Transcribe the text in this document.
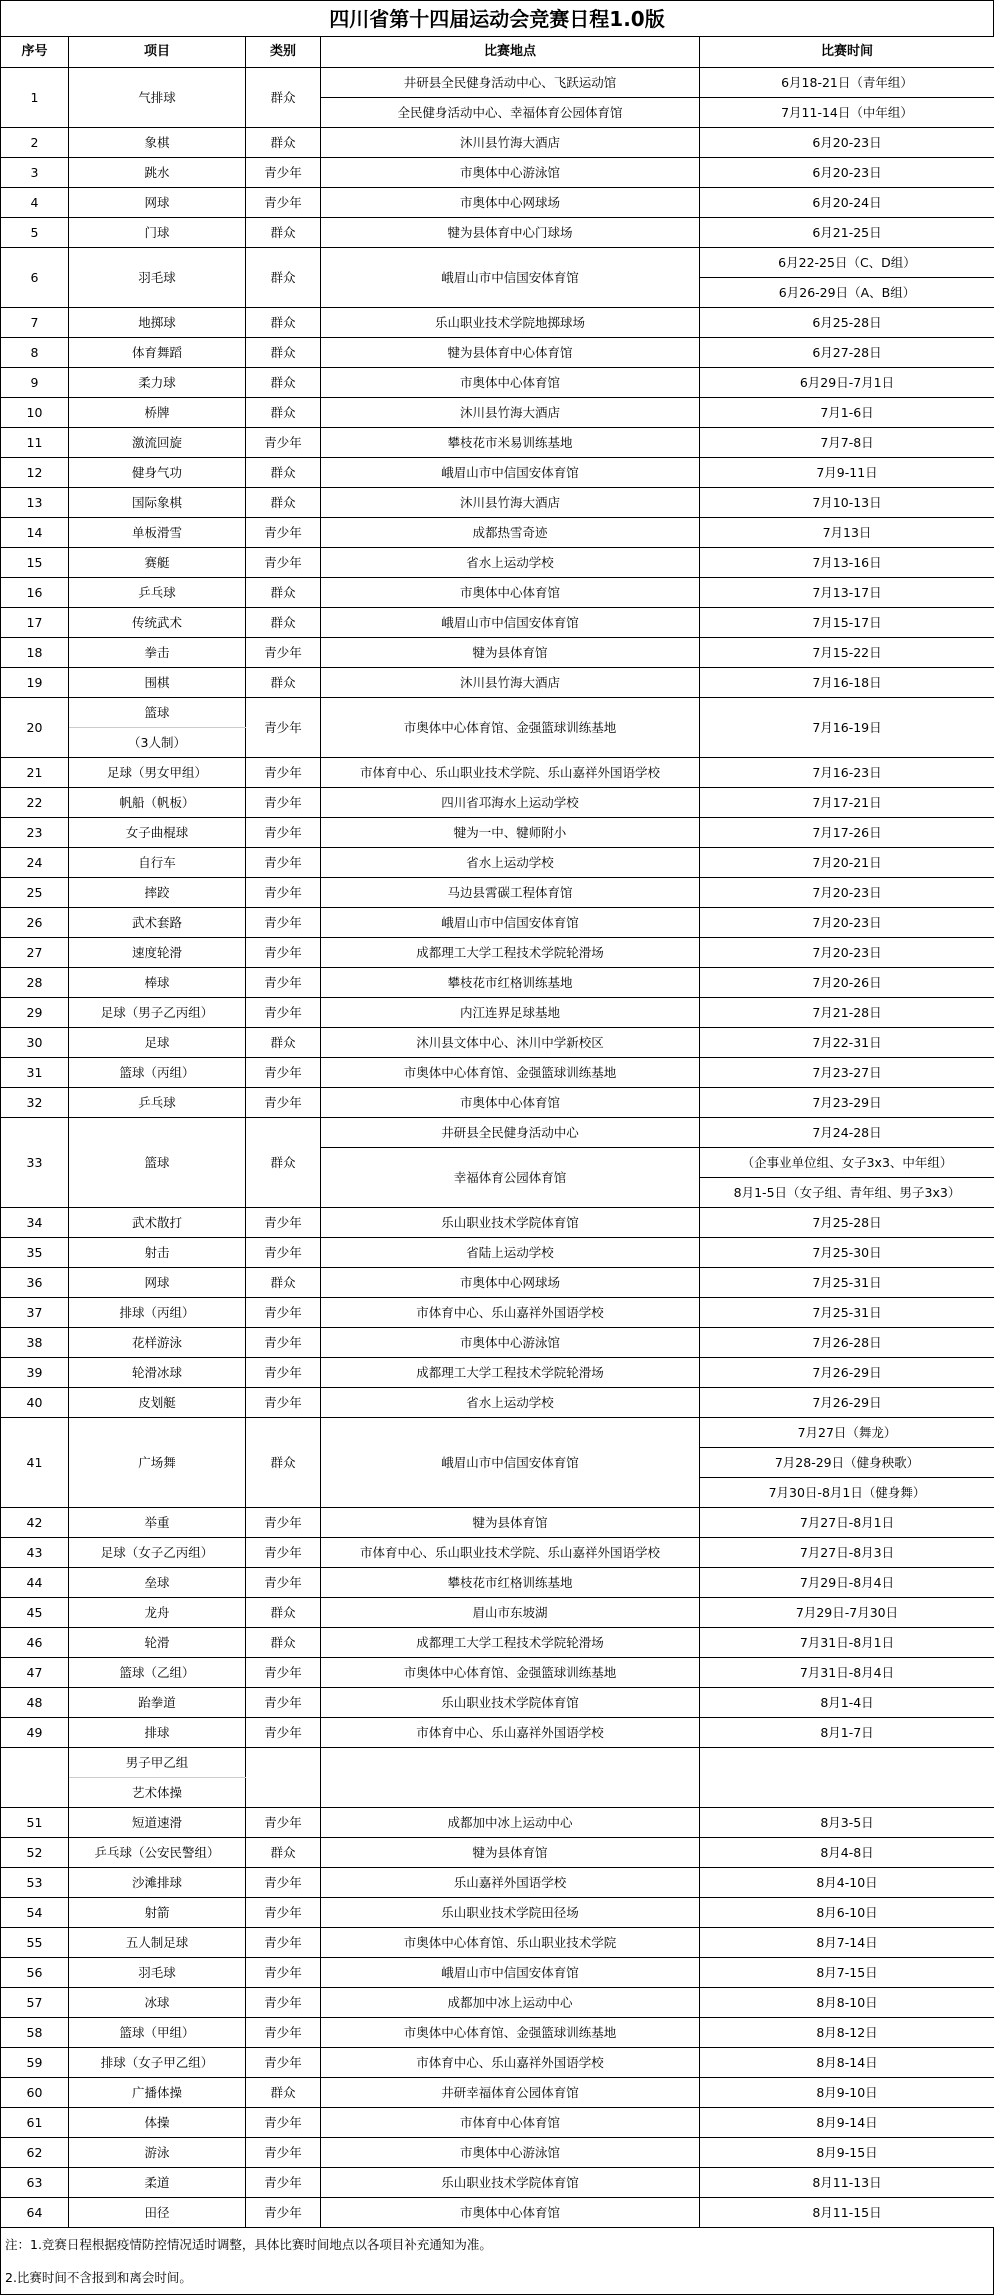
四川省第十四届运动会竞赛日程1.0版
序号	项目	类别	比赛地点	比赛时间
1	气排球	群众	井研县全民健身活动中心、飞跃运动馆	6月18-21日（青年组）
			全民健身活动中心、幸福体育公园体育馆	7月11-14日（中年组）
2	象棋	群众	沐川县竹海大酒店	6月20-23日
3	跳水	青少年	市奥体中心游泳馆	6月20-23日
4	网球	青少年	市奥体中心网球场	6月20-24日
5	门球	群众	犍为县体育中心门球场	6月21-25日
6	羽毛球	群众	峨眉山市中信国安体育馆	6月22-25日（C、D组）
				6月26-29日（A、B组）
7	地掷球	群众	乐山职业技术学院地掷球场	6月25-28日
8	体育舞蹈	群众	犍为县体育中心体育馆	6月27-28日
9	柔力球	群众	市奥体中心体育馆	6月29日-7月1日
10	桥牌	群众	沐川县竹海大酒店	7月1-6日
11	激流回旋	青少年	攀枝花市米易训练基地	7月7-8日
12	健身气功	群众	峨眉山市中信国安体育馆	7月9-11日
13	国际象棋	群众	沐川县竹海大酒店	7月10-13日
14	单板滑雪	青少年	成都热雪奇迹	7月13日
15	赛艇	青少年	省水上运动学校	7月13-16日
16	乒乓球	群众	市奥体中心体育馆	7月13-17日
17	传统武术	群众	峨眉山市中信国安体育馆	7月15-17日
18	拳击	青少年	犍为县体育馆	7月15-22日
19	围棋	群众	沐川县竹海大酒店	7月16-18日
20	篮球	青少年	市奥体中心体育馆、金强篮球训练基地	7月16-19日
	（3人制）			
21	足球（男女甲组）	青少年	市体育中心、乐山职业技术学院、乐山嘉祥外国语学校	7月16-23日
22	帆船（帆板）	青少年	四川省邛海水上运动学校	7月17-21日
23	女子曲棍球	青少年	犍为一中、犍师附小	7月17-26日
24	自行车	青少年	省水上运动学校	7月20-21日
25	摔跤	青少年	马边县霄碳工程体育馆	7月20-23日
26	武术套路	青少年	峨眉山市中信国安体育馆	7月20-23日
27	速度轮滑	青少年	成都理工大学工程技术学院轮滑场	7月20-23日
28	棒球	青少年	攀枝花市红格训练基地	7月20-26日
29	足球（男子乙丙组）	青少年	内江连界足球基地	7月21-28日
30	足球	群众	沐川县文体中心、沐川中学新校区	7月22-31日
31	篮球（丙组）	青少年	市奥体中心体育馆、金强篮球训练基地	7月23-27日
32	乒乓球	青少年	市奥体中心体育馆	7月23-29日
33	篮球	群众	井研县全民健身活动中心	7月24-28日
			幸福体育公园体育馆	（企事业单位组、女子3x3、中年组）
				8月1-5日（女子组、青年组、男子3x3）
34	武术散打	青少年	乐山职业技术学院体育馆	7月25-28日
35	射击	青少年	省陆上运动学校	7月25-30日
36	网球	群众	市奥体中心网球场	7月25-31日
37	排球（丙组）	青少年	市体育中心、乐山嘉祥外国语学校	7月25-31日
38	花样游泳	青少年	市奥体中心游泳馆	7月26-28日
39	轮滑冰球	青少年	成都理工大学工程技术学院轮滑场	7月26-29日
40	皮划艇	青少年	省水上运动学校	7月26-29日
41	广场舞	群众	峨眉山市中信国安体育馆	7月27日（舞龙）
				7月28-29日（健身秧歌）
				7月30日-8月1日（健身舞）
42	举重	青少年	犍为县体育馆	7月27日-8月1日
43	足球（女子乙丙组）	青少年	市体育中心、乐山职业技术学院、乐山嘉祥外国语学校	7月27日-8月3日
44	垒球	青少年	攀枝花市红格训练基地	7月29日-8月4日
45	龙舟	群众	眉山市东坡湖	7月29日-7月30日
46	轮滑	群众	成都理工大学工程技术学院轮滑场	7月31日-8月1日
47	篮球（乙组）	青少年	市奥体中心体育馆、金强篮球训练基地	7月31日-8月4日
48	跆拳道	青少年	乐山职业技术学院体育馆	8月1-4日
49	排球	青少年	市体育中心、乐山嘉祥外国语学校	8月1-7日
	男子甲乙组			
	艺术体操			
51	短道速滑	青少年	成都加中冰上运动中心	8月3-5日
52	乒乓球（公安民警组）	群众	犍为县体育馆	8月4-8日
53	沙滩排球	青少年	乐山嘉祥外国语学校	8月4-10日
54	射箭	青少年	乐山职业技术学院田径场	8月6-10日
55	五人制足球	青少年	市奥体中心体育馆、乐山职业技术学院	8月7-14日
56	羽毛球	青少年	峨眉山市中信国安体育馆	8月7-15日
57	冰球	青少年	成都加中冰上运动中心	8月8-10日
58	篮球（甲组）	青少年	市奥体中心体育馆、金强篮球训练基地	8月8-12日
59	排球（女子甲乙组）	青少年	市体育中心、乐山嘉祥外国语学校	8月8-14日
60	广播体操	群众	井研幸福体育公园体育馆	8月9-10日
61	体操	青少年	市体育中心体育馆	8月9-14日
62	游泳	青少年	市奥体中心游泳馆	8月9-15日
63	柔道	青少年	乐山职业技术学院体育馆	8月11-13日
64	田径	青少年	市奥体中心体育馆	8月11-15日
注：1.竞赛日程根据疫情防控情况适时调整，具体比赛时间地点以各项目补充通知为准。
2.比赛时间不含报到和离会时间。
